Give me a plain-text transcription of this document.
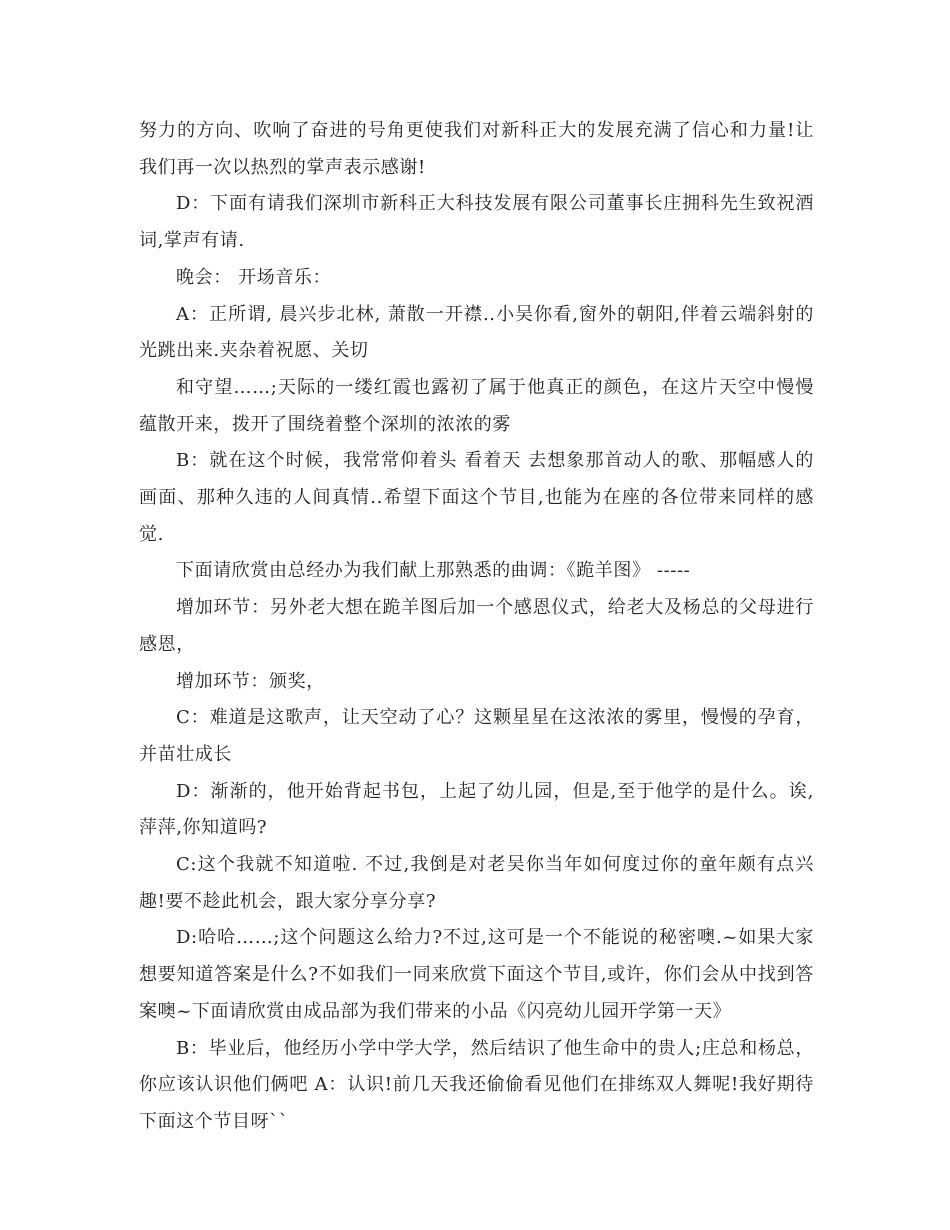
努力的方向、吹响了奋进的号角更使我们对新科正大的发展充满了信心和力量!让我们再一次以热烈的掌声表示感谢!

D：下面有请我们深圳市新科正大科技发展有限公司董事长庄拥科先生致祝酒词,掌声有请.

晚会： 开场音乐：

A：正所谓, 晨兴步北林, 萧散一开襟..小吴你看,窗外的朝阳,伴着云端斜射的光跳出来.夹杂着祝愿、关切

和守望……;天际的一缕红霞也露初了属于他真正的颜色，在这片天空中慢慢蕴散开来，拨开了围绕着整个深圳的浓浓的雾

B：就在这个时候，我常常仰着头 看着天 去想象那首动人的歌、那幅感人的画面、那种久违的人间真情..希望下面这个节目,也能为在座的各位带来同样的感觉.

下面请欣赏由总经办为我们献上那熟悉的曲调：《跪羊图》 -----

增加环节：另外老大想在跪羊图后加一个感恩仪式，给老大及杨总的父母进行感恩，

增加环节：颁奖，

C：难道是这歌声，让天空动了心？这颗星星在这浓浓的雾里，慢慢的孕育，并苗壮成长

D：渐渐的，他开始背起书包，上起了幼儿园，但是,至于他学的是什么。诶,萍萍,你知道吗?

C:这个我就不知道啦. 不过,我倒是对老吴你当年如何度过你的童年颇有点兴趣!要不趁此机会，跟大家分享分享?

D:哈哈……;这个问题这么给力?不过,这可是一个不能说的秘密噢.~如果大家想要知道答案是什么?不如我们一同来欣赏下面这个节目,或许，你们会从中找到答案噢~下面请欣赏由成品部为我们带来的小品《闪亮幼儿园开学第一天》

B：毕业后，他经历小学中学大学，然后结识了他生命中的贵人;庄总和杨总，你应该认识他们俩吧 A：认识!前几天我还偷偷看见他们在排练双人舞呢!我好期待下面这个节目呀``
